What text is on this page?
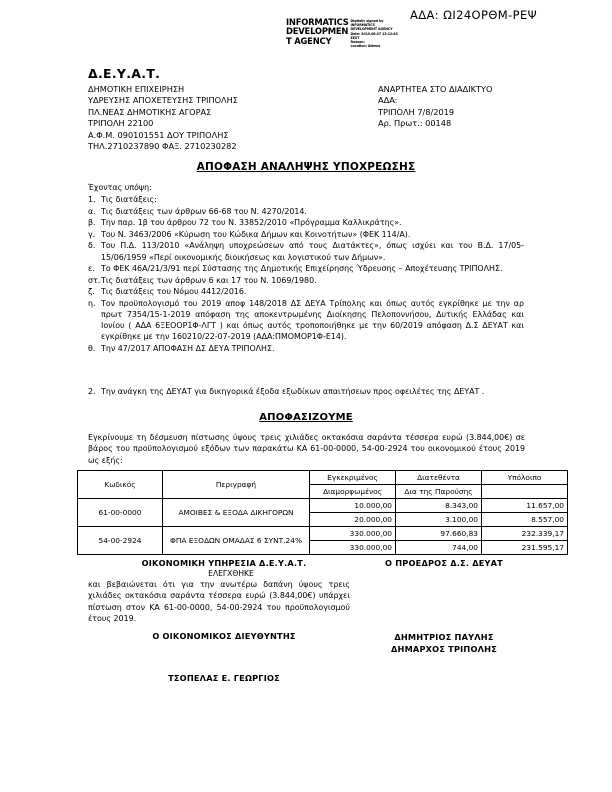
ΑΔΑ: ΩΙ24ΟΡΘΜ-ΡΕΨ
INFORMATICS
DEVELOPMEN
T AGENCY
Digitally signed by
INFORMATICS
DEVELOPMENT AGENCY
Date: 2019.08.07 13:12:45
EEST
Reason:
Location: Athens
Δ.Ε.Υ.Α.Τ.
ΔΗΜΟΤΙΚΗ ΕΠΙΧΕΙΡΗΣΗ
ΥΔΡΕΥΣΗΣ ΑΠΟΧΕΤΕΥΣΗΣ ΤΡΙΠΟΛΗΣ
ΠΛ.ΝΕΑΣ ΔΗΜΟΤΙΚΗΣ ΑΓΟΡΑΣ
ΤΡΙΠΟΛΗ 22100
Α.Φ.Μ. 090101551 ΔΟΥ ΤΡΙΠΟΛΗΣ
ΤΗΛ.2710237890 ΦΑΞ. 2710230282
ΑΝΑΡΤΗΤΕΑ ΣΤΟ ΔΙΑΔΙΚΤΥΟ
ΑΔΑ:
ΤΡΙΠΟΛΗ 7/8/2019
Αρ. Πρωτ.: 00148
ΑΠΟΦΑΣΗ ΑΝΑΛΗΨΗΣ ΥΠΟΧΡΕΩΣΗΣ
Έχοντας υπόψη:
1. Τις διατάξεις:
α. Τις διατάξεις των άρθρων 66-68 του Ν. 4270/2014.
β. Την παρ. 1β του άρθρου 72 του Ν. 33852/2010 «Πρόγραμμα Καλλικράτης».
γ. Του Ν. 3463/2006 «Κύρωση του Κώδικα Δήμων και Κοινοτήτων» (ΦΕΚ 114/Α).
δ. Του Π.Δ. 113/2010 «Ανάληψη υποχρεώσεων από τους Διατάκτες», όπως ισχύει και του Β.Δ. 17/05-15/06/1959 «Περί οικονομικής διοικήσεως και λογιστικού των Δήμων».
ε. Το ΦΕΚ 46Α/21/3/91 περί Σύστασης της Δημοτικής Επιχείρησης Ύδρευσης – Αποχέτευσης ΤΡΙΠΟΛΗΣ.
στ. Τις διατάξεις των άρθρων 6 και 17 του Ν. 1069/1980.
ζ. Τις διατάξεις του Νόμου 4412/2016.
η. Τον προϋπολογισμό του 2019 αποφ 148/2018 ΔΣ ΔΕΥΑ Τρίπολης και όπως αυτός εγκρίθηκε με την αρ πρωτ 7354/15-1-2019 απόφαση της αποκεντρωμένης Διοίκησης Πελοποννήσου, Δυτικής Ελλάδας και Ιονίου ( ΑΔΑ 6ΞΕΟΟΡ1Φ-ΛΓΤ ) και όπως αυτός τροποποιήθηκε με την 60/2019 απόφαση Δ.Σ ΔΕΥΑΤ και εγκρίθηκε με την 160210/22-07-2019 (ΑΔΑ:ΠΜΟΜΟΡ1Φ-Ε14).
θ. Την 47/2017 ΑΠΟΦΑΣΗ ΔΣ ΔΕΥΑ ΤΡΙΠΟΛΗΣ.
2. Την ανάγκη της ΔΕΥΑΤ για δικηγορικά έξοδα εξωδίκων απαιτήσεων προς οφειλέτες της ΔΕΥΑΤ .
ΑΠΟΦΑΣΙΖΟΥΜΕ
Εγκρίνουμε τη δέσμευση πίστωσης ύψους τρεις χιλιάδες οκτακόσια σαράντα τέσσερα ευρώ (3.844,00€) σε βάρος του προϋπολογισμού εξόδων των παρακάτω ΚΑ 61-00-0000, 54-00-2924 του οικονομικού έτους 2019 ως εξής:
Κωδικός	Περιγραφή	Εγκεκριμένος	Διατεθέντα	Υπόλοιπο
		Διαμορφωμένος	Δια της Παρούσης	
61-00-0000	ΑΜΟΙΒΕΣ & ΕΞΟΔΑ ΔΙΚΗΓΟΡΩΝ	10.000,00	8.343,00	11.657,00
		20.000,00	3.100,00	8.557,00
54-00-2924	ΦΠΑ ΕΞΟΔΩΝ ΟΜΑΔΑΣ 6 ΣΥΝΤ.24%	330.000,00	97.660,83	232.339,17
		330.000,00	744,00	231.595,17
ΟΙΚΟΝΟΜΙΚΗ ΥΠΗΡΕΣΙΑ Δ.Ε.Υ.Α.Τ.
ΕΛΕΓΧΘΗΚΕ
Ο ΠΡΟΕΔΡΟΣ Δ.Σ. ΔΕΥΑΤ
και βεβαιώνεται ότι για την ανωτέρω δαπάνη ύψους τρεις χιλιάδες οκτακόσια σαράντα τέσσερα ευρώ (3.844,00€) υπάρχει πίστωση στον ΚΑ 61-00-0000, 54-00-2924 του προϋπολογισμού έτους 2019.
Ο ΟΙΚΟΝΟΜΙΚΟΣ ΔΙΕΥΘΥΝΤΗΣ	ΔΗΜΗΤΡΙΟΣ ΠΑΥΛΗΣ
ΔΗΜΑΡΧΟΣ ΤΡΙΠΟΛΗΣ
ΤΣΟΠΕΛΑΣ Ε. ΓΕΩΡΓΙΟΣ
